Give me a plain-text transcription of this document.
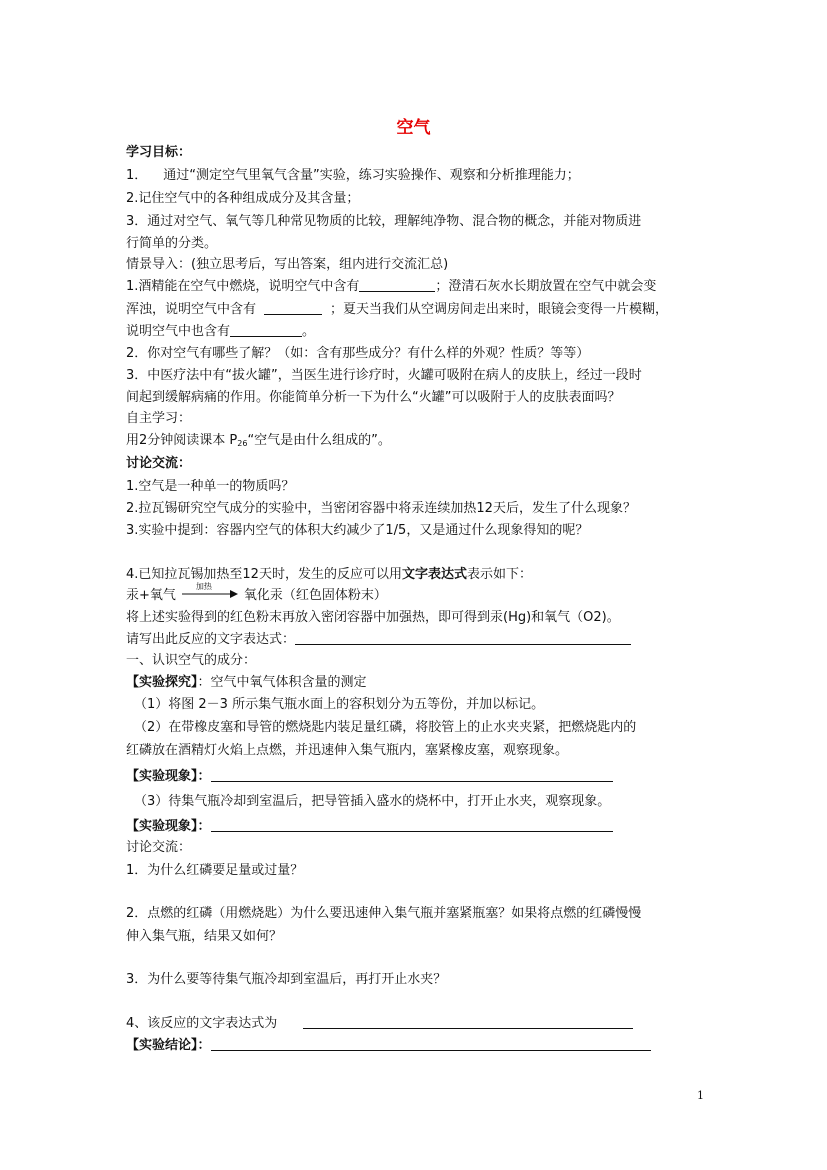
空气
学习目标：
1． 通过“测定空气里氧气含量”实验，练习实验操作、观察和分析推理能力；
2.记住空气中的各种组成成分及其含量；
3．通过对空气、氧气等几种常见物质的比较，理解纯净物、混合物的概念，并能对物质进
行简单的分类。
情景导入：(独立思考后，写出答案，组内进行交流汇总)
1.酒精能在空气中燃烧，说明空气中含有	；澄清石灰水长期放置在空气中就会变
浑浊，说明空气中含有	；夏天当我们从空调房间走出来时，眼镜会变得一片模糊，
说明空气中也含有	。
2．你对空气有哪些了解？（如：含有那些成分？有什么样的外观？性质？等等）
3．中医疗法中有“拔火罐”，当医生进行诊疗时，火罐可吸附在病人的皮肤上，经过一段时
间起到缓解病痛的作用。你能简单分析一下为什么“火罐”可以吸附于人的皮肤表面吗？
自主学习：
用2分钟阅读课本 $P_{26}“$空气是由什么组成的”。
讨论交流：
1.空气是一种单一的物质吗？
2.拉瓦锡研究空气成分的实验中，当密闭容器中将汞连续加热12天后，发生了什么现象？
3.实验中提到：容器内空气的体积大约减少了1/5，又是通过什么现象得知的呢？
4.已知拉瓦锡加热至12天时，发生的反应可以用文字表达式表示如下：
汞+氧气
加热
氧化汞（红色固体粉末）
将上述实验得到的红色粉末再放入密闭容器中加强热，即可得到汞(Hg)和氧气（O2)。
请写出此反应的文字表达式：
一、认识空气的成分：
【实验探究】：空气中氧气体积含量的测定
（1）将图 2－3 所示集气瓶水面上的容积划分为五等份，并加以标记。
（2）在带橡皮塞和导管的燃烧匙内装足量红磷，将胶管上的止水夹夹紧，把燃烧匙内的
红磷放在酒精灯火焰上点燃，并迅速伸入集气瓶内，塞紧橡皮塞，观察现象。
【实验现象】：
（3）待集气瓶冷却到室温后，把导管插入盛水的烧杯中，打开止水夹，观察现象。
【实验现象】：
讨论交流：
1．为什么红磷要足量或过量？
2．点燃的红磷（用燃烧匙）为什么要迅速伸入集气瓶并塞紧瓶塞？如果将点燃的红磷慢慢
伸入集气瓶，结果又如何？
3．为什么要等待集气瓶冷却到室温后，再打开止水夹？
4、该反应的文字表达式为
【实验结论】：
1
